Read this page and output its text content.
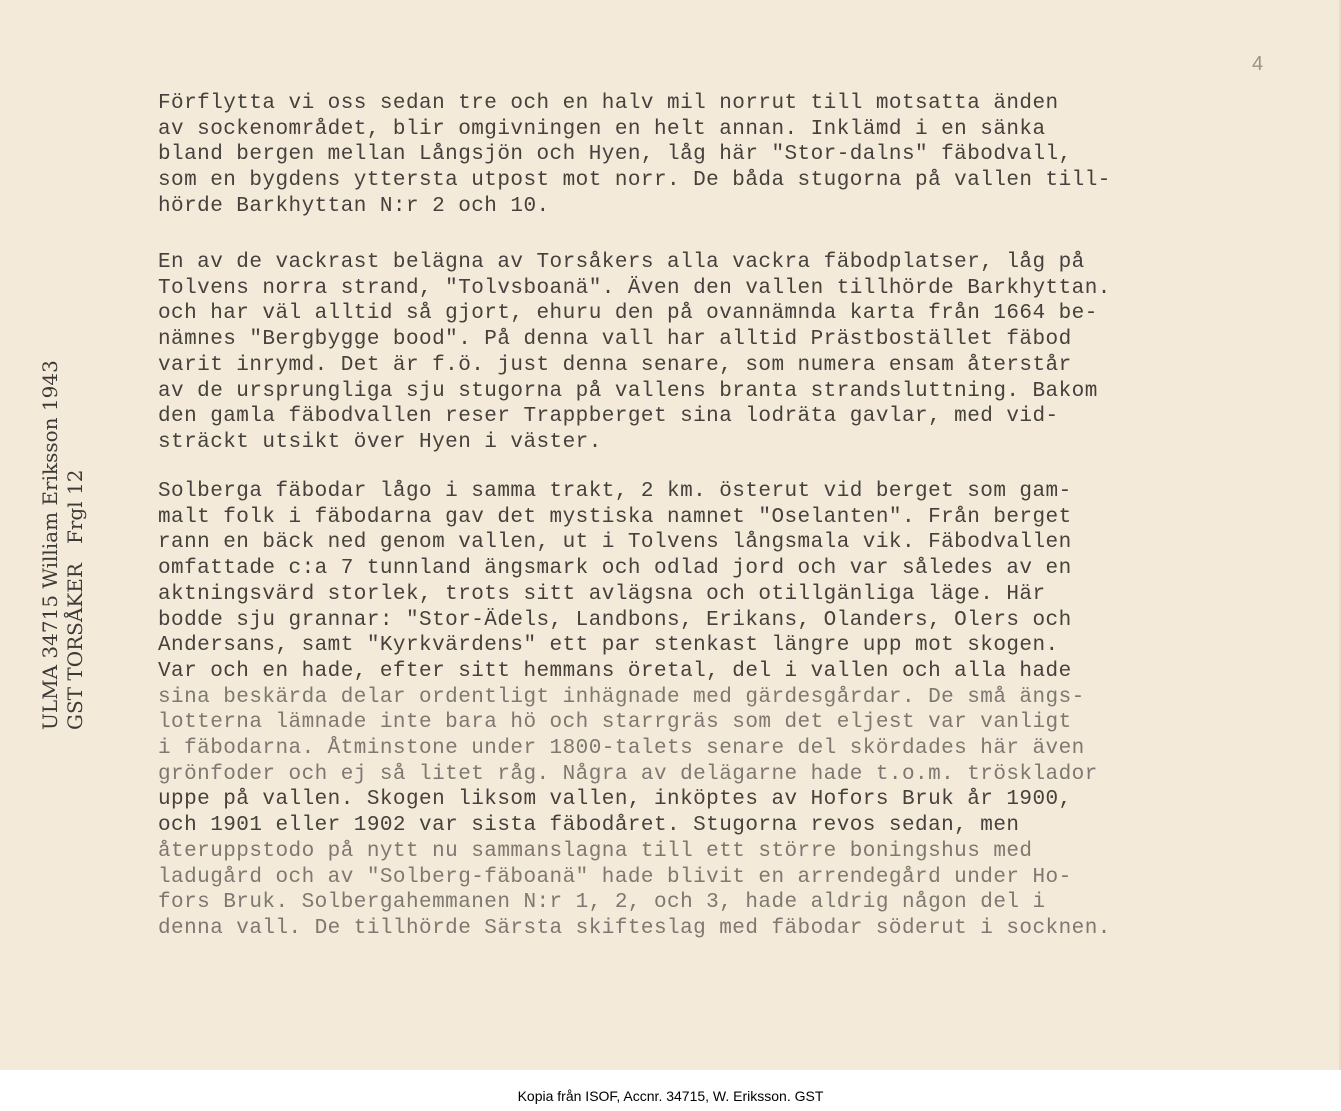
4
ULMA 34715 William Eriksson 1943 GST TORSÅKER   Frgl 12
Förflytta vi oss sedan tre och en halv mil norrut till motsatta änden
av sockenområdet, blir omgivningen en helt annan. Inklämd i en sänka
bland bergen mellan Långsjön och Hyen, låg här "Stor-dalns" fäbodvall,
som en bygdens yttersta utpost mot norr. De båda stugorna på vallen till-
hörde Barkhyttan N:r 2 och 10.
En av de vackrast belägna av Torsåkers alla vackra fäbodplatser, låg på
Tolvens norra strand, "Tolvsboanä". Även den vallen tillhörde Barkhyttan.
och har väl alltid så gjort, ehuru den på ovannämnda karta från 1664 be-
nämnes "Bergbygge bood". På denna vall har alltid Prästbostället fäbod
varit inrymd. Det är f.ö. just denna senare, som numera ensam återstår
av de ursprungliga sju stugorna på vallens branta strandsluttning. Bakom
den gamla fäbodvallen reser Trappberget sina lodräta gavlar, med vid-
sträckt utsikt över Hyen i väster.
Solberga fäbodar lågo i samma trakt, 2 km. österut vid berget som gam-
malt folk i fäbodarna gav det mystiska namnet "Oselanten". Från berget
rann en bäck ned genom vallen, ut i Tolvens långsmala vik. Fäbodvallen
omfattade c:a 7 tunnland ängsmark och odlad jord och var således av en
aktningsvärd storlek, trots sitt avlägsna och otillgänliga läge. Här
bodde sju grannar: "Stor-Ädels, Landbons, Erikans, Olanders, Olers och
Andersans, samt "Kyrkvärdens" ett par stenkast längre upp mot skogen.
Var och en hade, efter sitt hemmans öretal, del i vallen och alla hade
sina beskärda delar ordentligt inhägnade med gärdesgårdar. De små ängs-
lotterna lämnade inte bara hö och starrgräs som det eljest var vanligt
i fäbodarna. Åtminstone under 1800-talets senare del skördades här även
grönfoder och ej så litet råg. Några av delägarne hade t.o.m. trösklador
uppe på vallen. Skogen liksom vallen, inköptes av Hofors Bruk år 1900,
och 1901 eller 1902 var sista fäbodåret. Stugorna revos sedan, men
återuppstodo på nytt nu sammanslagna till ett större boningshus med
ladugård och av "Solberg-fäboanä" hade blivit en arrendegård under Ho-
fors Bruk. Solbergahemmanen N:r 1, 2, och 3, hade aldrig någon del i
denna vall. De tillhörde Särsta skifteslag med fäbodar söderut i socknen.
Kopia från ISOF, Accnr. 34715, W. Eriksson. GST
